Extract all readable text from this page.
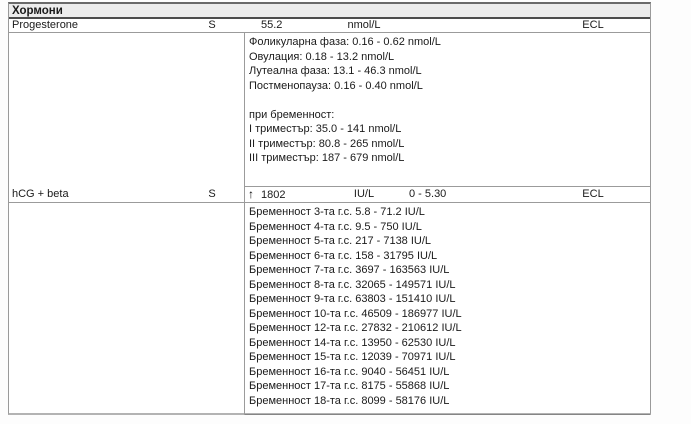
Хормони
Progesterone	S	55.2	nmol/L	ECL
Фоликуларна фаза: 0.16 - 0.62 nmol/L
Овулация: 0.18 - 13.2 nmol/L
Лутеална фаза: 13.1 - 46.3 nmol/L
Постменопауза: 0.16 - 0.40 nmol/L
при бременност:
I триместър: 35.0 - 141 nmol/L
II триместър: 80.8 - 265 nmol/L
III триместър: 187 - 679 nmol/L
hCG + beta	S	↑ 1802	IU/L	0 - 5.30	ECL
Бременност 3-та г.с. 5.8 - 71.2 IU/L
Бременност 4-та г.с. 9.5 - 750 IU/L
Бременност 5-та г.с. 217 - 7138 IU/L
Бременност 6-та г.с. 158 - 31795 IU/L
Бременност 7-та г.с. 3697 - 163563 IU/L
Бременност 8-та г.с. 32065 - 149571 IU/L
Бременност 9-та г.с. 63803 - 151410 IU/L
Бременност 10-та г.с. 46509 - 186977 IU/L
Бременност 12-та г.с. 27832 - 210612 IU/L
Бременност 14-та г.с. 13950 - 62530 IU/L
Бременност 15-та г.с. 12039 - 70971 IU/L
Бременност 16-та г.с. 9040 - 56451 IU/L
Бременност 17-та г.с. 8175 - 55868 IU/L
Бременност 18-та г.с. 8099 - 58176 IU/L
